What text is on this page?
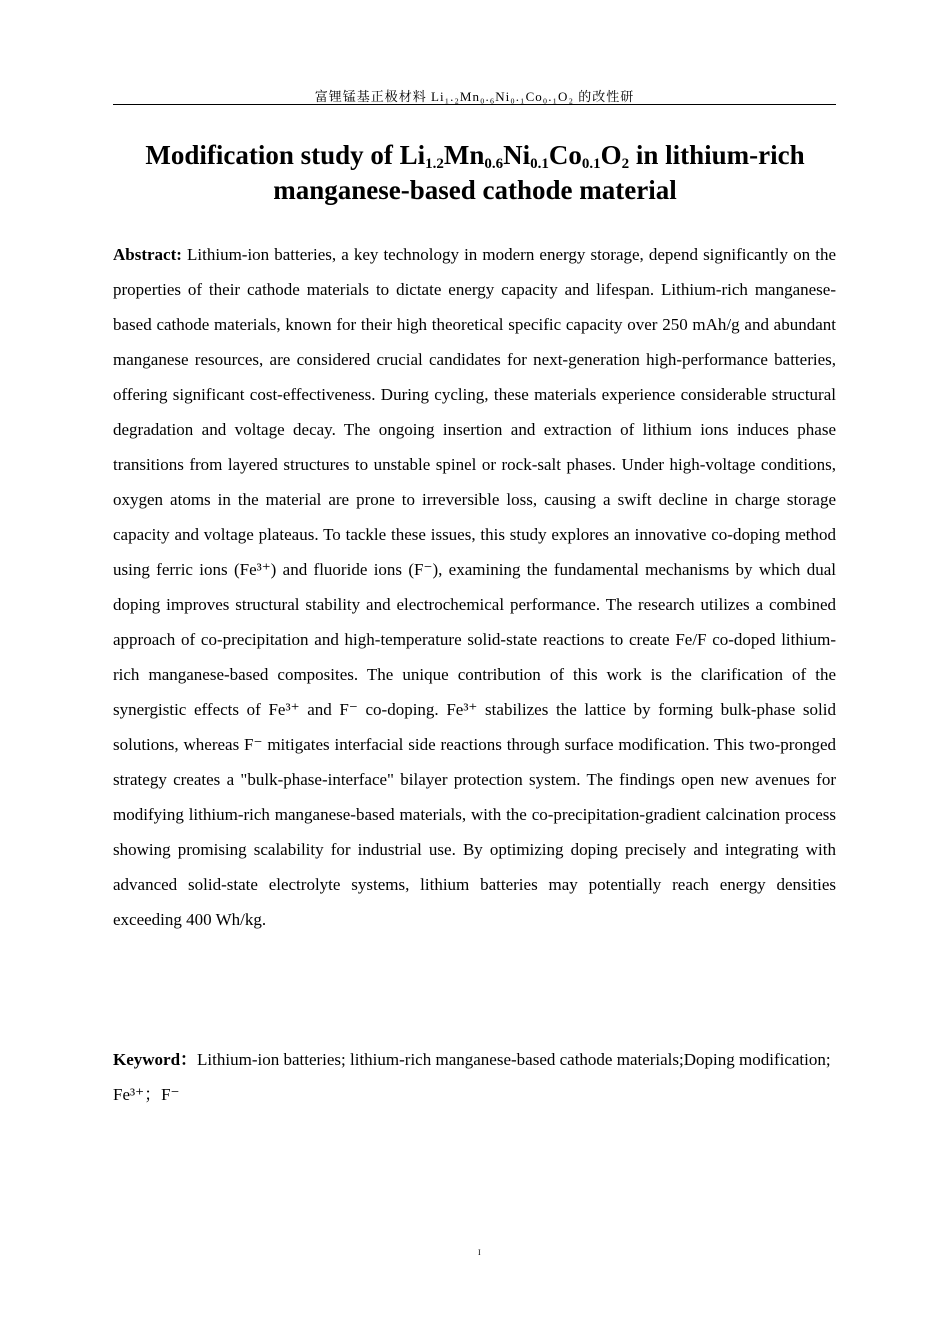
富锂锰基正极材料 Li₁.₂Mn₀.₆Ni₀.₁Co₀.₁O₂ 的改性研
Modification study of $Li_{1.2}Mn_{0.6}Ni_{0.1}Co_{0.1}O_2$ in lithium-rich
manganese-based cathode material

Abstract: Lithium-ion batteries, a key technology in modern energy storage, depend significantly on the properties of their cathode materials to dictate energy capacity and lifespan. Lithium-rich manganese-based cathode materials, known for their high theoretical specific capacity over 250 mAh/g and abundant manganese resources, are considered crucial candidates for next-generation high-performance batteries, offering significant cost-effectiveness. During cycling, these materials experience considerable structural degradation and voltage decay. The ongoing insertion and extraction of lithium ions induces phase transitions from layered structures to unstable spinel or rock-salt phases. Under high-voltage conditions, oxygen atoms in the material are prone to irreversible loss, causing a swift decline in charge storage capacity and voltage plateaus. To tackle these issues, this study explores an innovative co-doping method using ferric ions (Fe³⁺) and fluoride ions (F⁻), examining the fundamental mechanisms by which dual doping improves structural stability and electrochemical performance. The research utilizes a combined approach of co-precipitation and high-temperature solid-state reactions to create Fe/F co-doped lithium-rich manganese-based composites. The unique contribution of this work is the clarification of the synergistic effects of Fe³⁺ and F⁻ co-doping. Fe³⁺ stabilizes the lattice by forming bulk-phase solid solutions, whereas F⁻ mitigates interfacial side reactions through surface modification. This two-pronged strategy creates a "bulk-phase-interface" bilayer protection system. The findings open new avenues for modifying lithium-rich manganese-based materials, with the co-precipitation-gradient calcination process showing promising scalability for industrial use. By optimizing doping precisely and integrating with advanced solid-state electrolyte systems, lithium batteries may potentially reach energy densities exceeding 400 Wh/kg.

Keyword：Lithium-ion batteries; lithium-rich manganese-based cathode materials;Doping modification; Fe³⁺；F⁻

I
